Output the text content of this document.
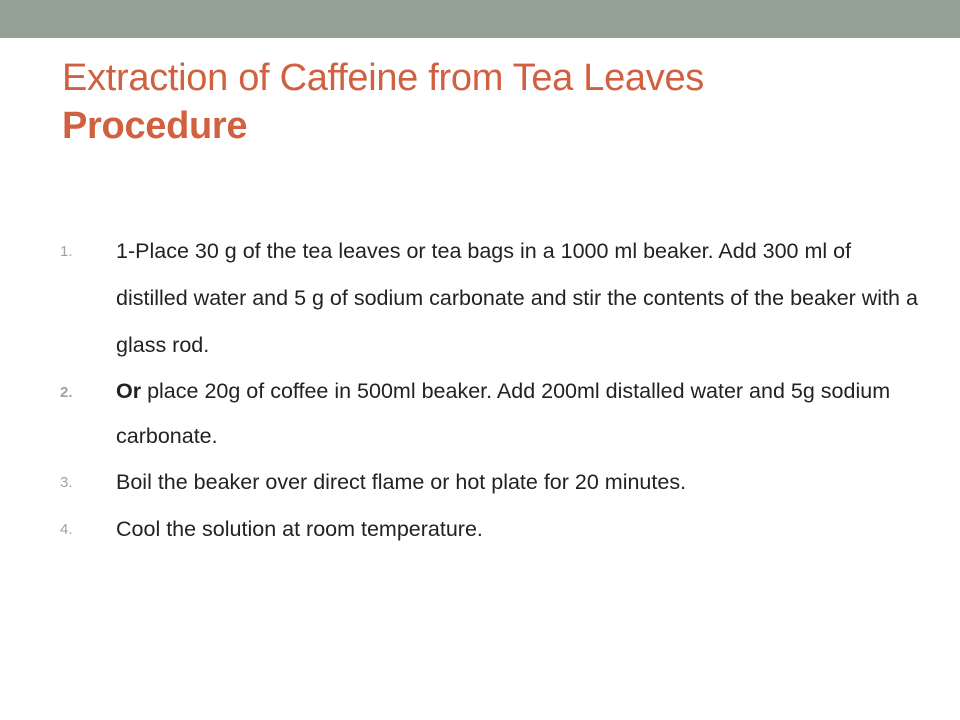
Extraction of Caffeine from Tea Leaves
Procedure
1. 1-Place 30 g of the tea leaves or tea bags in a 1000 ml beaker. Add 300 ml of distilled water and 5 g of sodium carbonate and stir the contents of the beaker with a glass rod.
2. Or place 20g of coffee in 500ml beaker. Add 200ml distalled water and 5g sodium carbonate.
3. Boil the beaker over direct flame or hot plate for 20 minutes.
4. Cool the solution at room temperature.
